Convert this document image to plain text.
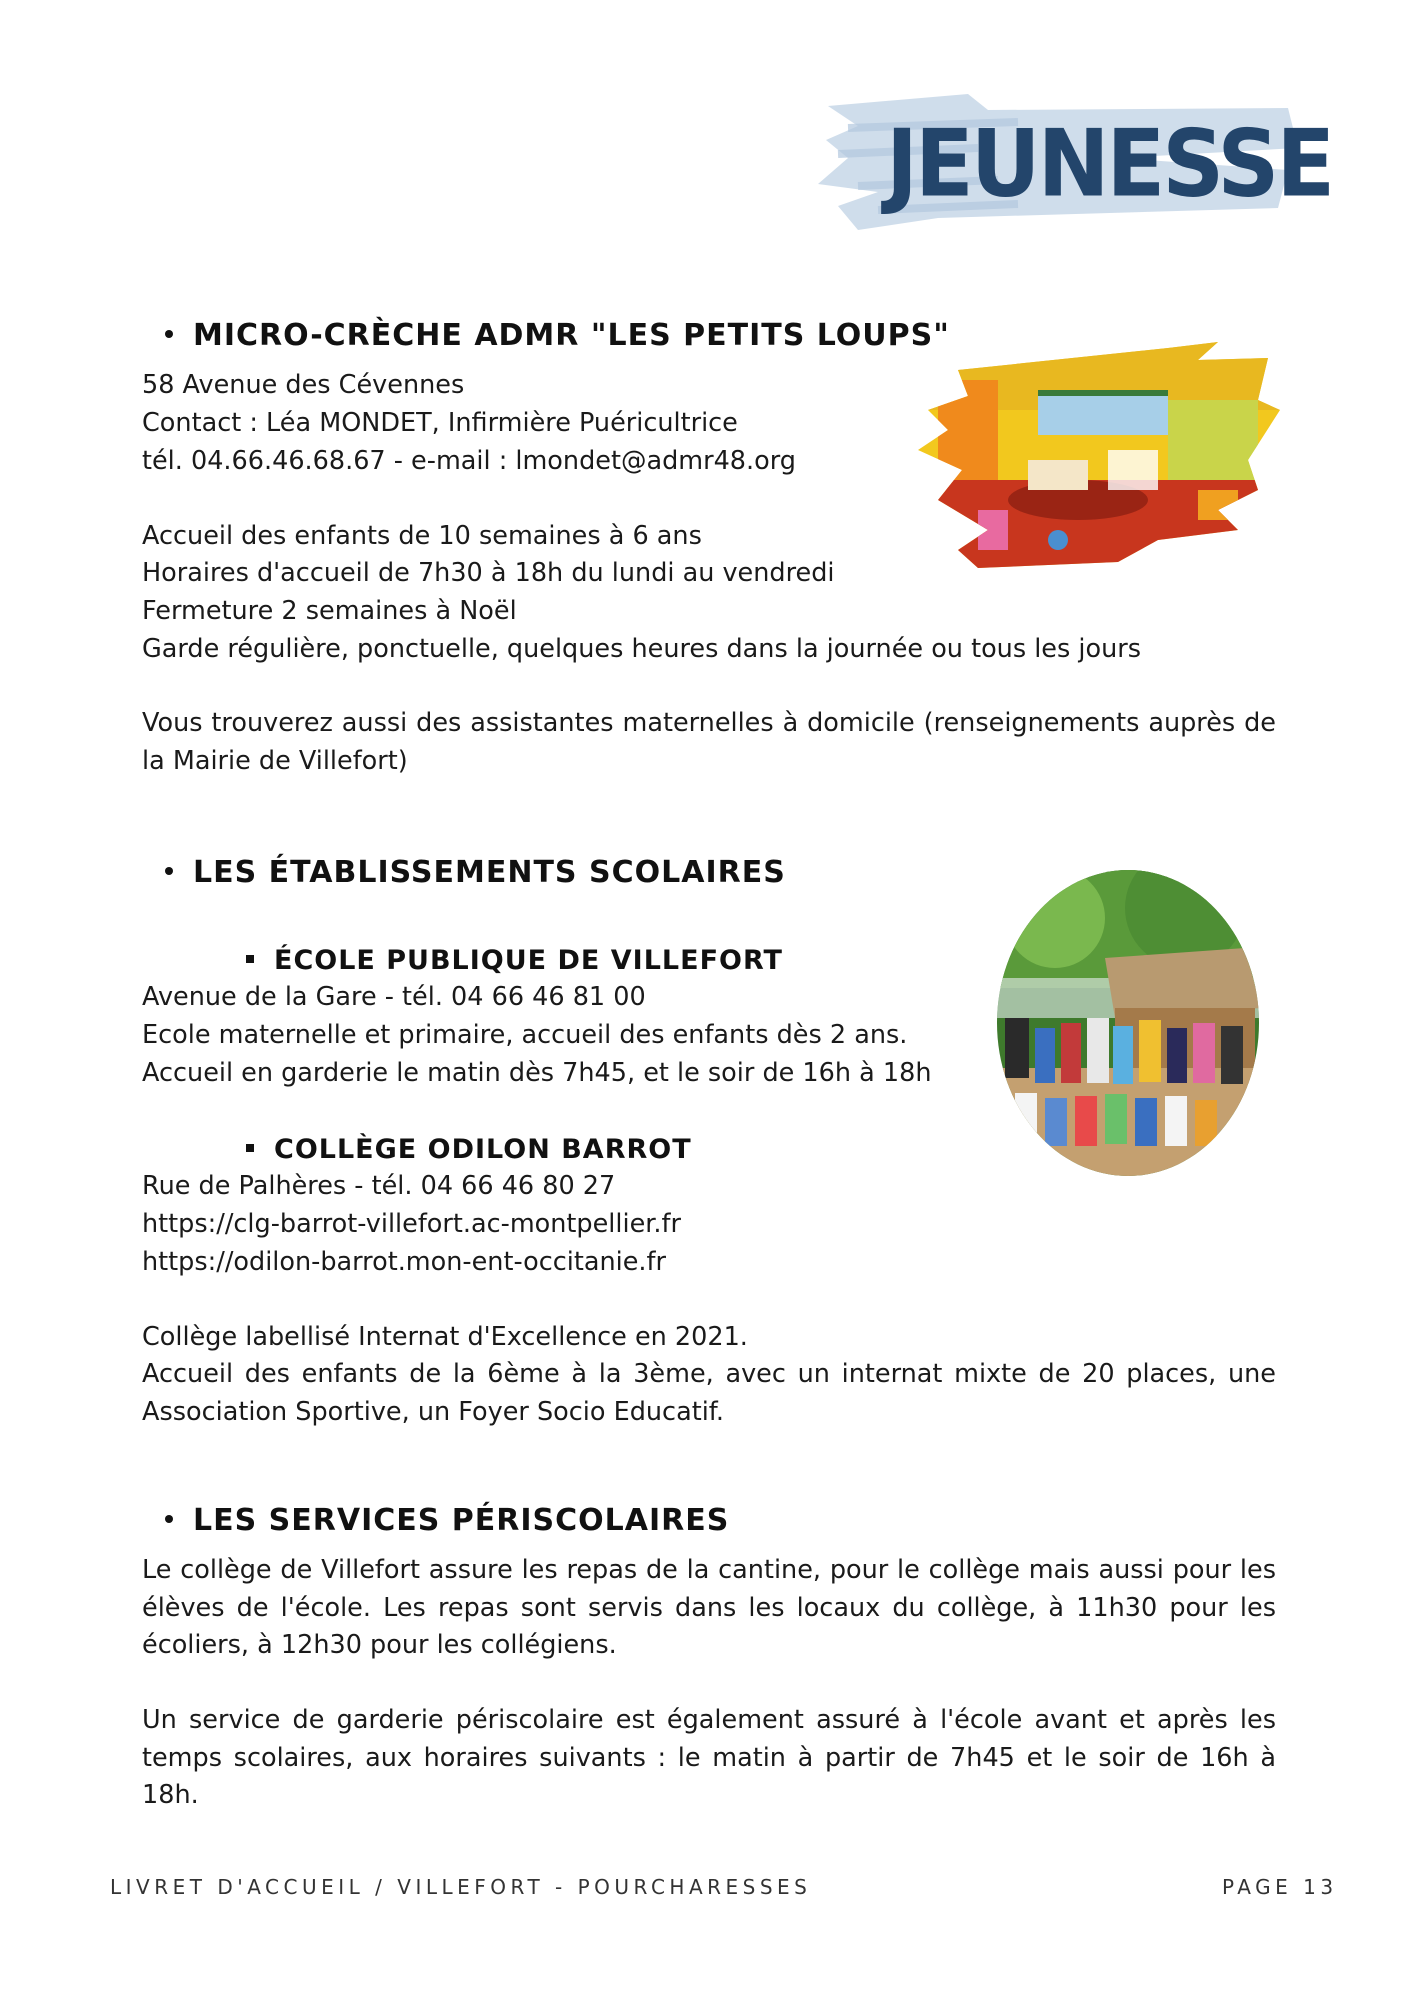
JEUNESSE
MICRO-CRÈCHE ADMR "LES PETITS LOUPS"
58 Avenue des Cévennes
Contact : Léa MONDET, Infirmière Puéricultrice
tél. 04.66.46.68.67 - e-mail : lmondet@admr48.org
Accueil des enfants de 10 semaines à 6 ans
Horaires d'accueil de 7h30 à 18h du lundi au vendredi
Fermeture 2 semaines à Noël
Garde régulière, ponctuelle, quelques heures dans la journée ou tous les jours
Vous trouverez aussi des assistantes maternelles à domicile (renseignements auprès de la Mairie de Villefort)
LES ÉTABLISSEMENTS SCOLAIRES
ÉCOLE PUBLIQUE DE VILLEFORT
Avenue de la Gare - tél. 04 66 46 81 00
Ecole maternelle et primaire, accueil des enfants dès 2 ans.
Accueil en garderie le matin dès 7h45, et le soir de 16h à 18h
COLLÈGE ODILON BARROT
Rue de Palhères - tél. 04 66 46 80 27
https://clg-barrot-villefort.ac-montpellier.fr
https://odilon-barrot.mon-ent-occitanie.fr
Collège labellisé Internat d'Excellence en 2021.
Accueil des enfants de la 6ème à la 3ème, avec un internat mixte de 20 places, une Association Sportive, un Foyer Socio Educatif.
LES SERVICES PÉRISCOLAIRES
Le collège de Villefort assure les repas de la cantine, pour le collège mais aussi pour les élèves de l'école. Les repas sont servis dans les locaux du collège, à 11h30 pour les écoliers, à 12h30 pour les collégiens.
Un service de garderie périscolaire est également assuré à l'école avant et après les temps scolaires, aux horaires suivants : le matin à partir de 7h45 et le soir de 16h à 18h.
LIVRET D'ACCUEIL / VILLEFORT - POURCHARESSES	PAGE 13
